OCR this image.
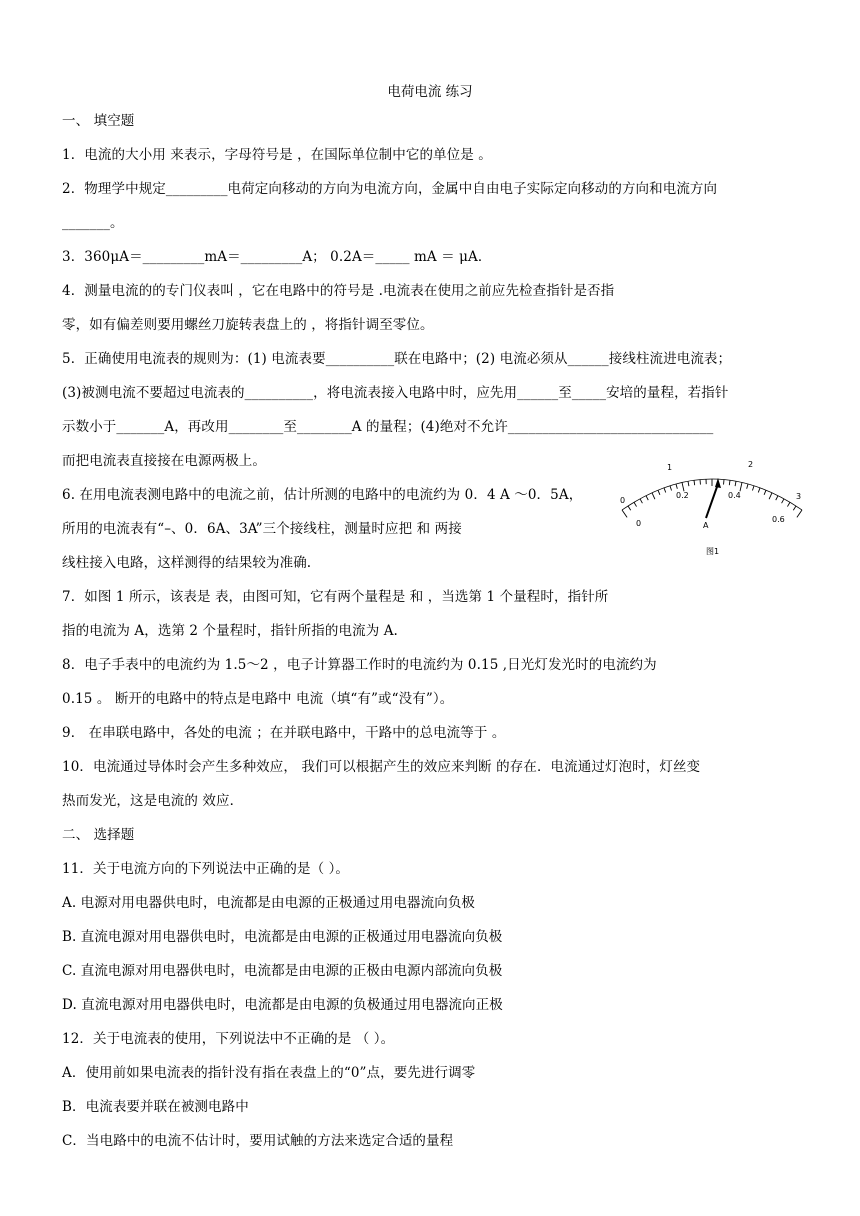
电荷电流 练习
一、 填空题
1．电流的大小用 来表示，字母符号是 ，在国际单位制中它的单位是 。
2．物理学中规定_________电荷定向移动的方向为电流方向，金属中自由电子实际定向移动的方向和电流方向
_______。
3．360μA＝_________mA＝_________A； 0.2A＝_____ mA ＝ μA．
4．测量电流的的专门仪表叫 ，它在电路中的符号是 .电流表在使用之前应先检查指针是否指
零，如有偏差则要用螺丝刀旋转表盘上的 ，将指针调至零位。
5．正确使用电流表的规则为：(1) 电流表要__________联在电路中；(2) 电流必须从______接线柱流进电流表；
(3)被测电流不要超过电流表的__________，将电流表接入电路中时，应先用______至_____安培的量程，若指针
示数小于_______A，再改用________至________A 的量程；(4)绝对不允许______________________________
而把电流表直接接在电源两极上。
6. 在用电流表测电路中的电流之前，估计所测的电路中的电流约为 0．4 A ～0．5A，
所用的电流表有“–、0．6A、3A”三个接线柱，测量时应把 和 两接
线柱接入电路，这样测得的结果较为准确.
7．如图 1 所示，该表是 表，由图可知，它有两个量程是 和 ，当选第 1 个量程时，指针所
指的电流为 A，选第 2 个量程时，指针所指的电流为 A.
8．电子手表中的电流约为 1.5～2 ，电子计算器工作时的电流约为 0.15 ,日光灯发光时的电流约为
0.15 。 断开的电路中的特点是电路中 电流（填“有”或“没有”）。
9． 在串联电路中，各处的电流 ；在并联电路中，干路中的总电流等于 。
10．电流通过导体时会产生多种效应， 我们可以根据产生的效应来判断 的存在．电流通过灯泡时，灯丝变
热而发光，这是电流的 效应．
二、 选择题
11．关于电流方向的下列说法中正确的是（ ）。
A. 电源对用电器供电时，电流都是由电源的正极通过用电器流向负极
B. 直流电源对用电器供电时，电流都是由电源的正极通过用电器流向负极
C. 直流电源对用电器供电时，电流都是由电源的正极由电源内部流向负极
D. 直流电源对用电器供电时，电流都是由电源的负极通过用电器流向正极
12．关于电流表的使用，下列说法中不正确的是 （ ）。
A．使用前如果电流表的指针没有指在表盘上的“0”点，要先进行调零
B．电流表要并联在被测电路中
C．当电路中的电流不估计时，要用试触的方法来选定合适的量程
0
1	2
3
0
0.2	0.4
0.6
A
图1
